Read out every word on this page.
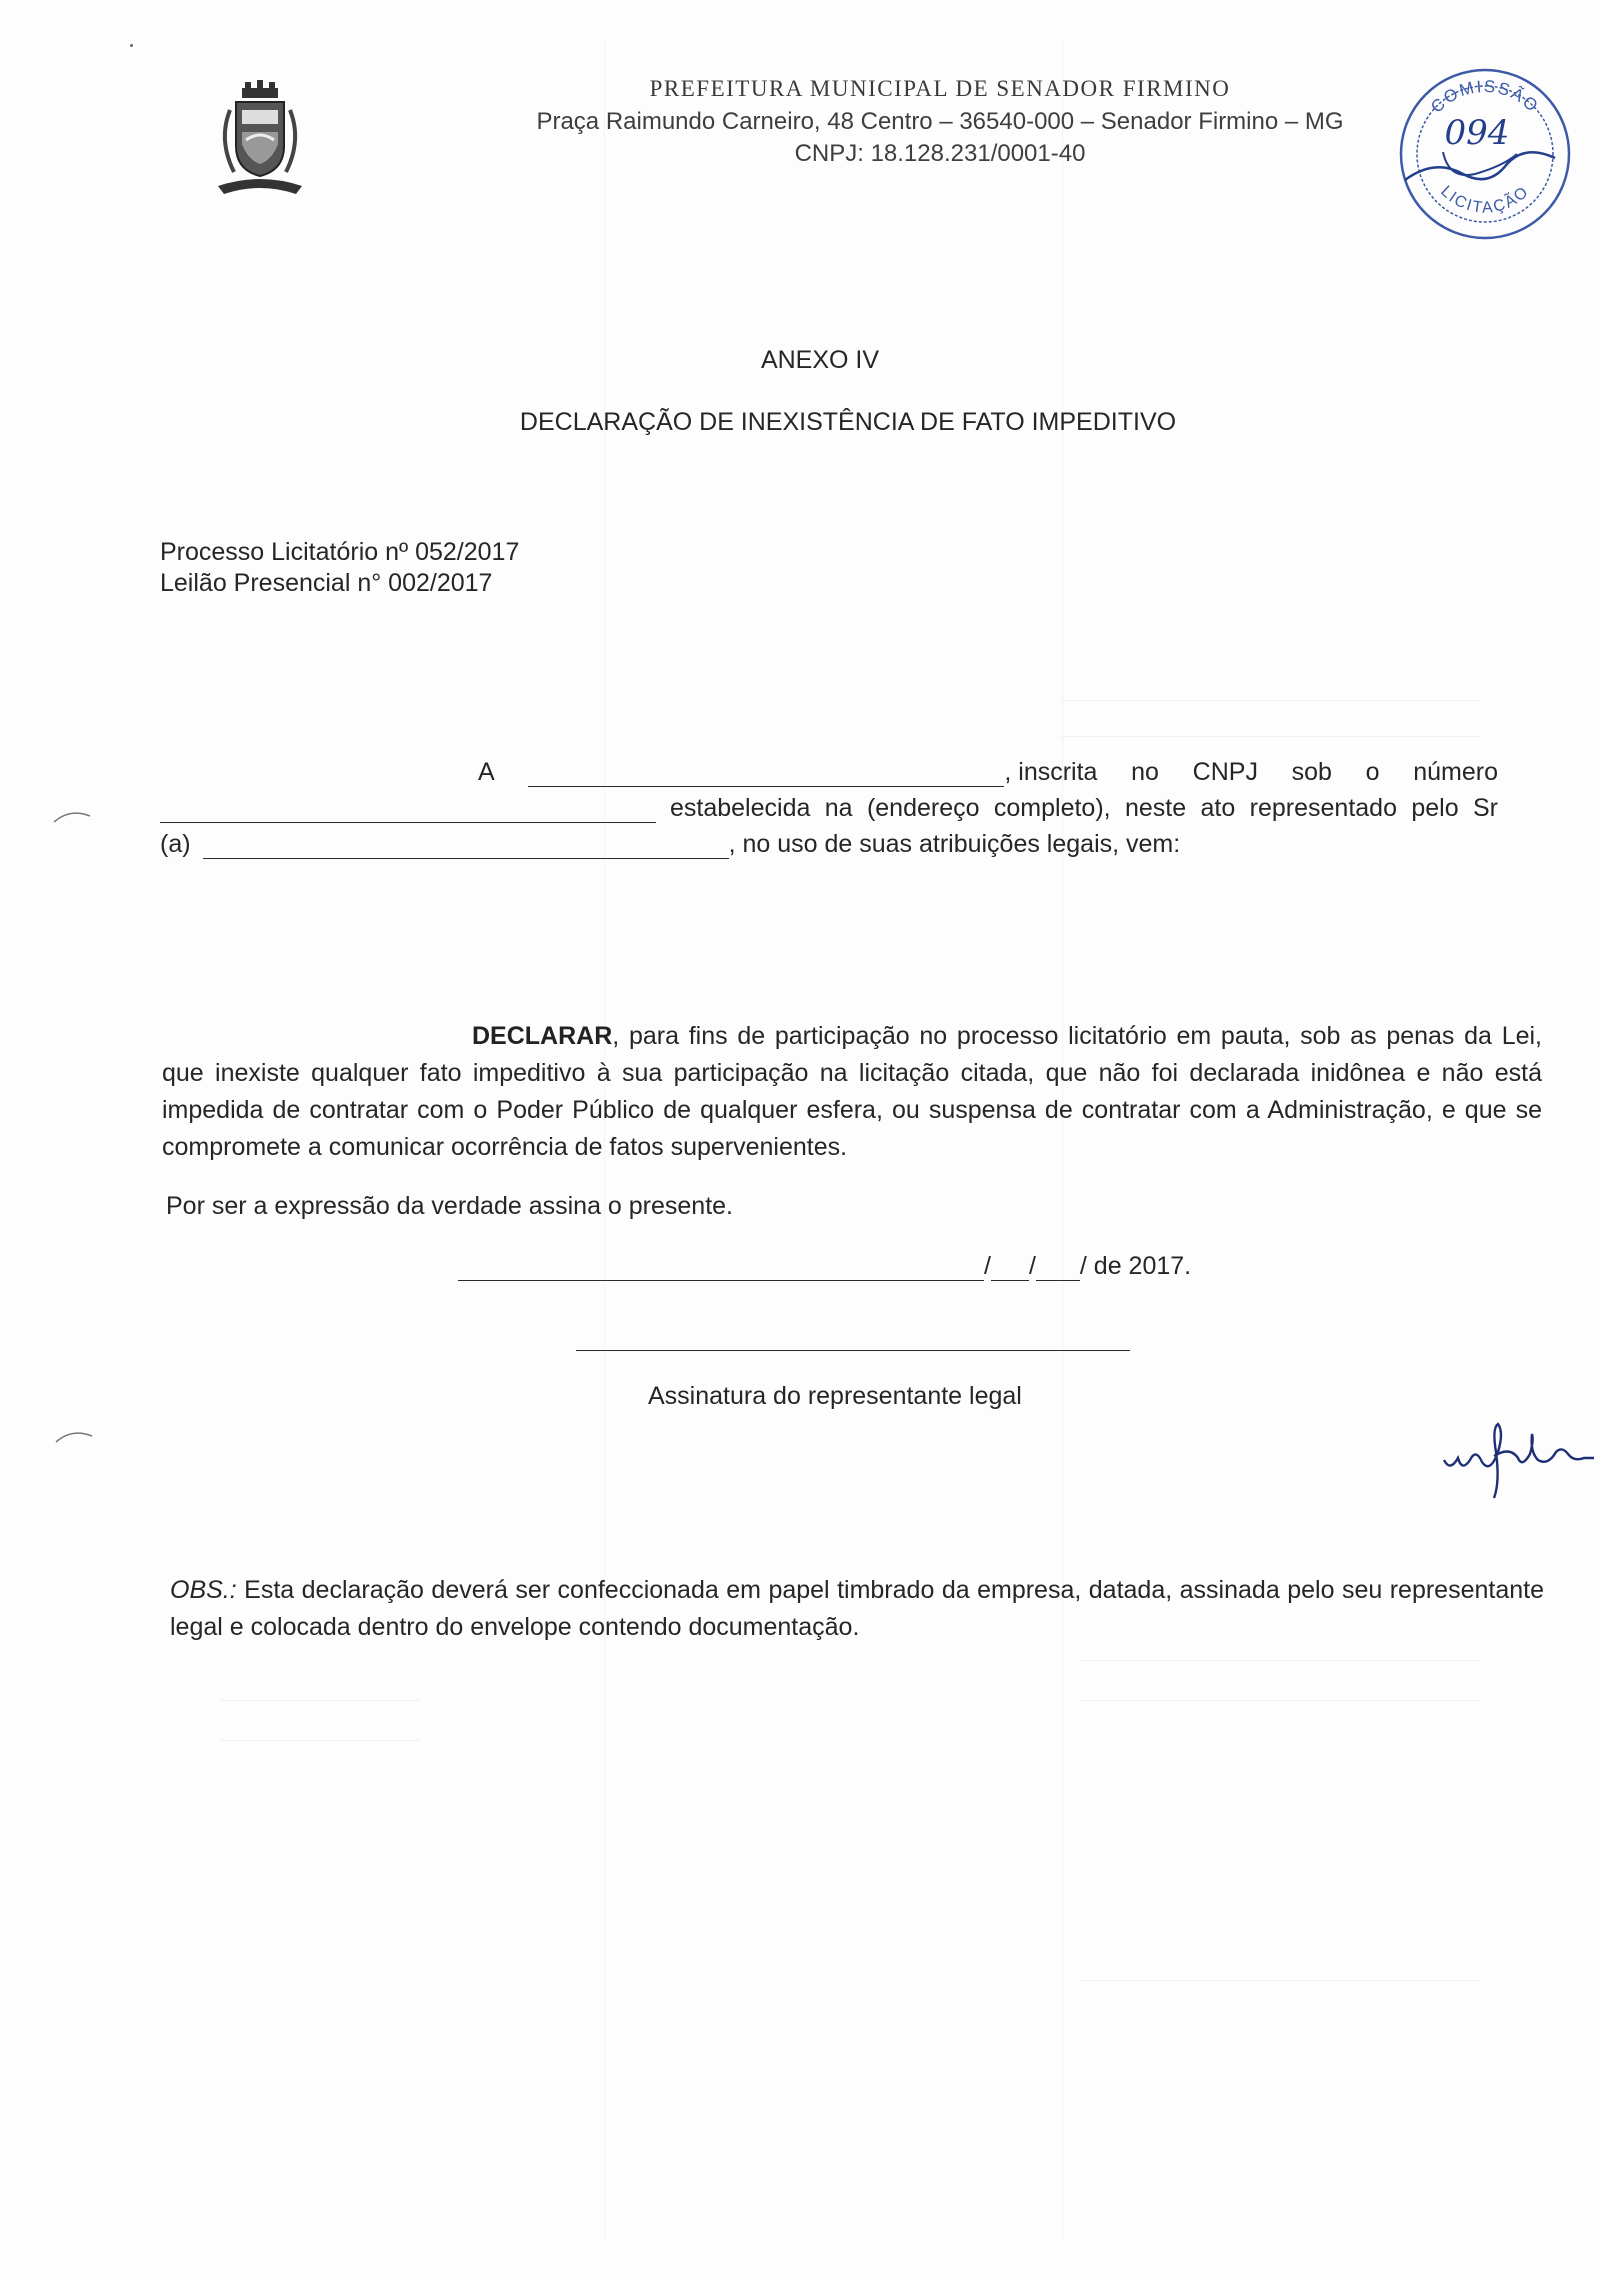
PREFEITURA MUNICIPAL DE SENADOR FIRMINO
Praça Raimundo Carneiro, 48 Centro – 36540-000 – Senador Firmino – MG
CNPJ: 18.128.231/0001-40
COMISSÃO
LICITAÇÃO
094
ANEXO IV
DECLARAÇÃO DE INEXISTÊNCIA DE FATO IMPEDITIVO
Processo Licitatório nº 052/2017
Leilão Presencial n° 002/2017
A	, inscrita no CNPJ sob o número
estabelecida na (endereço completo), neste ato representado pelo Sr
(a)	, no uso de suas atribuições legais, vem:
DECLARAR, para fins de participação no processo licitatório em pauta, sob as penas da Lei, que inexiste qualquer fato impeditivo à sua participação na licitação citada, que não foi declarada inidônea e não está impedida de contratar com o Poder Público de qualquer esfera, ou suspensa de contratar com a Administração, e que se compromete a comunicar ocorrência de fatos supervenientes.
Por ser a expressão da verdade assina o presente.
/ / / de 2017.
Assinatura do representante legal
OBS.: Esta declaração deverá ser confeccionada em papel timbrado da empresa, datada, assinada pelo seu representante legal e colocada dentro do envelope contendo documentação.
